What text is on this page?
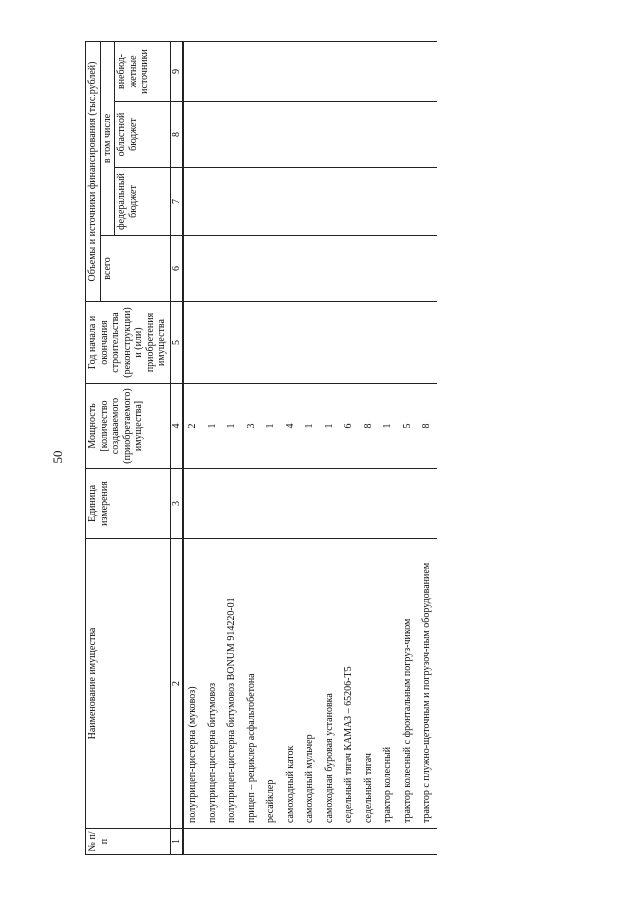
50
№ п/п	Наименование имущества	Единица измерения	Мощность [количество создаваемого (приобретаемого) имущества]	Год начала и окончания строительства (реконструкции) и (или) приобретения имущества	Объемы и источники финансирования (тыс.рублей)			
					всего	в том числе		
						федеральный бюджет	областной бюджет	внебюд-жетные источники
1	2	3	4	5	6	7	8	9
	полуприцеп-цистерна (муковоз)		2					
	полуприцеп-цистерна битумовоз		1					
	полуприцеп-цистерна битумовоз BONUM 914220-01		1					
	прицеп – рециклер асфальтобетона		3					
	ресайклер		1					
	самоходный каток		4					
	самоходный мульчер		1					
	самоходная буровая установка		1					
	седельный тягач КАМАЗ – 65206-Т5		6					
	седельный тягач		8					
	трактор колесный		1					
	трактор колесный с фронтальным погруз-чиком		5					
	трактор с плужно-щеточным и погрузоч-ным оборудованием		8					
